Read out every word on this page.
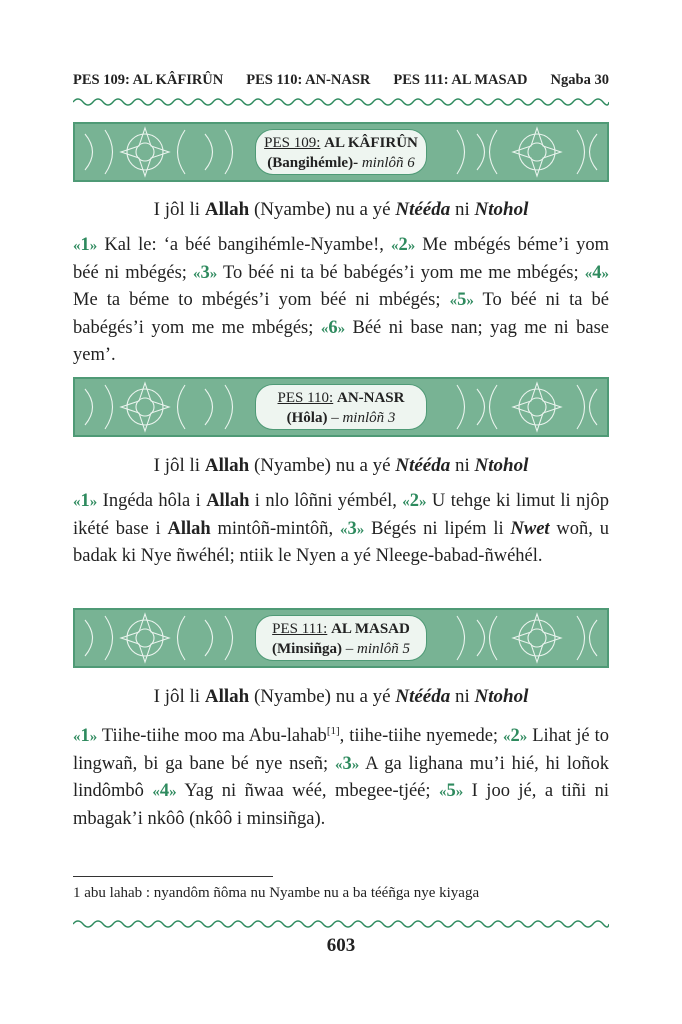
PES 109: AL KÂFIRÛN PES 110: AN-NASR PES 111: AL MASAD Ngaba 30
PES 109: AL KÂFIRÛN
(Bangihémle)- minlôñ 6
I jôl li Allah (Nyambe) nu a yé Ntééda ni Ntohol
«1» Kal le: ‘a béé bangihémle-Nyambe!, «2» Me mbégés béme’i yom béé ni mbégés; «3» To béé ni ta bé babégés’i yom me me mbégés; «4» Me ta béme to mbégés’i yom béé ni mbégés; «5» To béé ni ta bé babégés’i yom me me mbégés; «6» Béé ni base nan; yag me ni base yem’.
PES 110: AN-NASR
(Hôla) – minlôñ 3
I jôl li Allah (Nyambe) nu a yé Ntééda ni Ntohol
«1» Ingéda hôla i Allah i nlo lôñni yémbél, «2» U tehge ki limut li njôp ikété base i Allah mintôñ-mintôñ, «3» Bégés ni lipém li Nwet woñ, u badak ki Nye ñwéhél; ntiik le Nyen a yé Nleege-babad-ñwéhél.
PES 111: AL MASAD
(Minsiñga) – minlôñ 5
I jôl li Allah (Nyambe) nu a yé Ntééda ni Ntohol
«1» Tiihe-tiihe moo ma Abu-lahab[1], tiihe-tiihe nyemede; «2» Lihat jé to lingwañ, bi ga bane bé nye nseñ; «3» A ga lighana mu’i hié, hi loñok lindômbô «4» Yag ni ñwaa wéé, mbegee-tjéé; «5» I joo jé, a tiñi ni mbagak’i nkôô (nkôô i minsiñga).
1 abu lahab : nyandôm ñôma nu Nyambe nu a ba tééñga nye kiyaga
603
